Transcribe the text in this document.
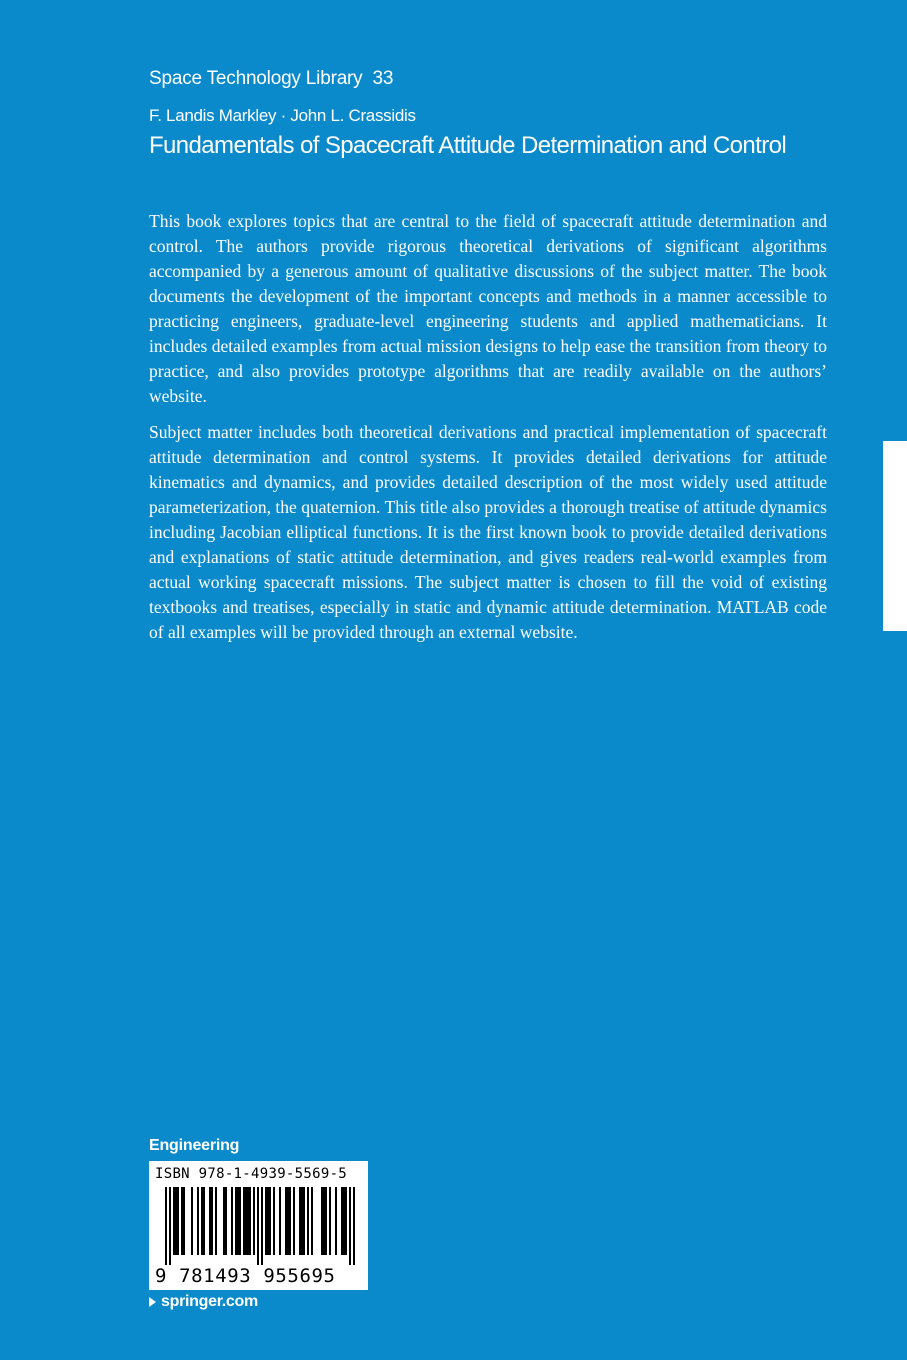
Space Technology Library 33
F. Landis Markley · John L. Crassidis
Fundamentals of Spacecraft Attitude Determination and Control

This book explores topics that are central to the field of spacecraft attitude determination and control. The authors provide rigorous theoretical derivations of significant algorithms accompanied by a generous amount of qualitative discussions of the subject matter. The book documents the development of the important concepts and methods in a manner accessible to practicing engineers, graduate-level engineering students and applied mathematicians. It includes detailed examples from actual mission designs to help ease the transition from theory to practice, and also provides prototype algorithms that are readily available on the authors’ website.

Subject matter includes both theoretical derivations and practical implementation of spacecraft attitude determination and control systems. It provides detailed derivations for attitude kinematics and dynamics, and provides detailed description of the most widely used attitude parameterization, the quaternion. This title also provides a thorough treatise of attitude dynamics including Jacobian elliptical functions. It is the first known book to provide detailed derivations and explanations of static attitude determination, and gives readers real-world examples from actual working spacecraft missions. The subject matter is chosen to fill the void of existing textbooks and treatises, especially in static and dynamic attitude determination. MATLAB code of all examples will be provided through an external website.

Engineering
ISBN 978-1-4939-5569-5
9 781493 955695
springer.com
